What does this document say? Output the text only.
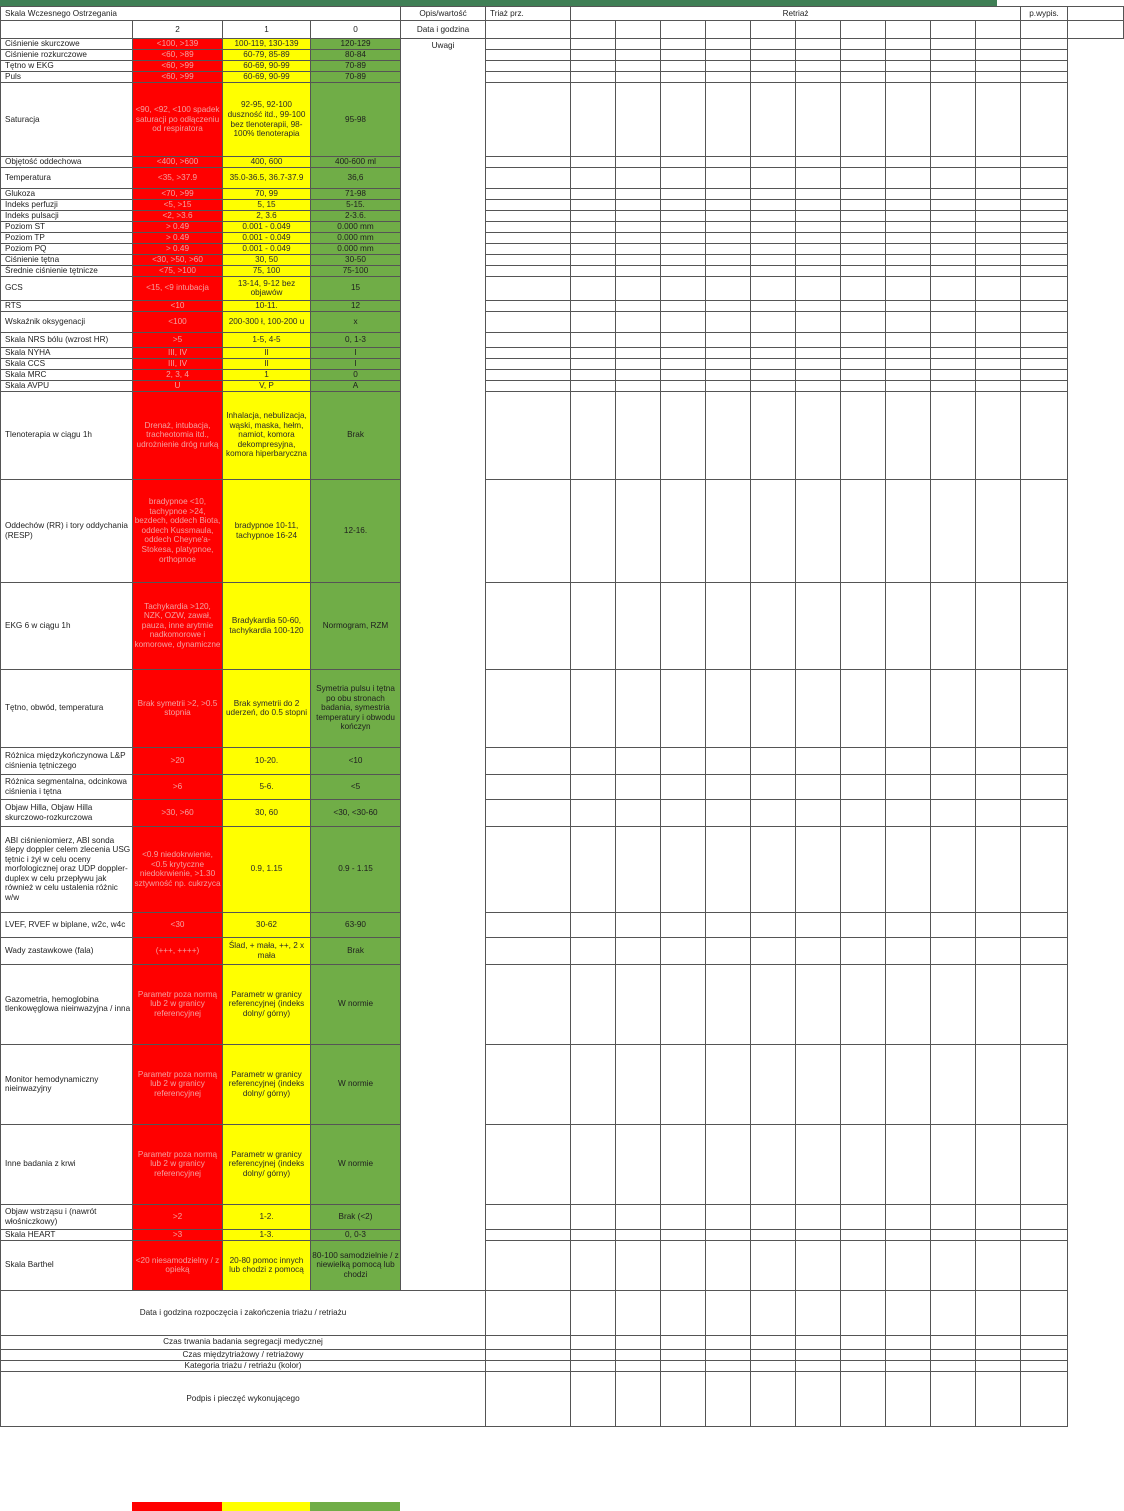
Skala Wczesnego Ostrzegania				Opis/wartość	Triaż prz.	Retriaż										p.wypis.	
	2	1	0	Data i godzina													
Ciśnienie skurczowe	<100, >139	100-119, 130-139	120-129	Uwagi													
Ciśnienie rozkurczowe	<60, >89	60-79, 85-89	80-84														
Tętno w EKG	<60, >99	60-69, 90-99	70-89														
Puls	<60, >99	60-69, 90-99	70-89														
Saturacja	<90, <92, <100 spadek saturacji po odłączeniu od respiratora	92-95, 92-100 duszność itd., 99-100 bez tlenoterapii, 98-100% tlenoterapia	95-98														
Objętość oddechowa	<400, >600	400, 600	400-600 ml														
Temperatura	<35, >37.9	35.0-36.5, 36.7-37.9	36,6														
Glukoza	<70, >99	70, 99	71-98														
Indeks perfuzji	<5, >15	5, 15	5-15.														
Indeks pulsacji	<2, >3.6	2, 3.6	2-3.6.														
Poziom ST	> 0.49	0.001 - 0.049	0.000 mm														
Poziom TP	> 0.49	0.001 - 0.049	0.000 mm														
Poziom PQ	> 0.49	0.001 - 0.049	0.000 mm														
Ciśnienie tętna	<30, >50, >60	30, 50	30-50														
Średnie ciśnienie tętnicze	<75, >100	75, 100	75-100														
GCS	<15, <9 intubacja	13-14, 9-12 bez objawów	15														
RTS	<10	10-11.	12														
Wskaźnik oksygenacji	<100	200-300 ł, 100-200 u	x														
Skala NRS bólu (wzrost HR)	>5	1-5, 4-5	0, 1-3														
Skala NYHA	III, IV	II	I														
Skala CCS	III, IV	II	I														
Skala MRC	2, 3, 4	1	0														
Skala AVPU	U	V, P	A														
Tlenoterapia w ciągu 1h	Drenaż, intubacja, tracheotomia itd., udrożnienie dróg rurką	Inhalacja, nebulizacja, wąski, maska, hełm, namiot, komora dekompresyjna, komora hiperbaryczna	Brak														
Oddechów (RR) i tory oddychania (RESP)	bradypnoe <10, tachypnoe >24, bezdech, oddech Biota, oddech Kussmaula, oddech Cheyne'a-Stokesa, platypnoe, orthopnoe	bradypnoe 10-11, tachypnoe 16-24	12-16.														
EKG 6 w ciągu 1h	Tachykardia >120, NZK, OZW, zawał, pauza, inne arytmie nadkomorowe i komorowe, dynamiczne	Bradykardia 50-60, tachykardia 100-120	Normogram, RZM														
Tętno, obwód, temperatura	Brak symetrii >2, >0.5 stopnia	Brak symetrii do 2 uderzeń, do 0.5 stopni	Symetria pulsu i tętna po obu stronach badania, symestria temperatury i obwodu kończyn														
Różnica międzykończynowa L&P ciśnienia tętniczego	>20	10-20.	<10														
Różnica segmentalna, odcinkowa ciśnienia i tętna	>6	5-6.	<5														
Objaw Hilla, Objaw Hilla skurczowo-rozkurczowa	>30, >60	30, 60	<30, <30-60														
ABI ciśnieniomierz, ABI sonda ślepy doppler celem zlecenia USG tętnic i żył w celu oceny morfologicznej oraz UDP doppler-duplex w celu przepływu jak również w celu ustalenia różnic w/w	<0.9 niedokrwienie, <0.5 krytyczne niedokrwienie, >1.30 sztywność np. cukrzyca	0.9, 1.15	0.9 - 1.15														
LVEF, RVEF w biplane, w2c, w4c	<30	30-62	63-90														
Wady zastawkowe (fala)	(+++, ++++)	Ślad, + mała, ++, 2 x mała	Brak														
Gazometria, hemoglobina tlenkowęglowa nieinwazyjna / inna	Parametr poza normą lub 2 w granicy referencyjnej	Parametr w granicy referencyjnej (indeks dolny/ górny)	W normie														
Monitor hemodynamiczny nieinwazyjny	Parametr poza normą lub 2 w granicy referencyjnej	Parametr w granicy referencyjnej (indeks dolny/ górny)	W normie														
Inne badania z krwi	Parametr poza normą lub 2 w granicy referencyjnej	Parametr w granicy referencyjnej (indeks dolny/ górny)	W normie														
Objaw wstrząsu i (nawrót włośniczkowy)	>2	1-2.	Brak (<2)														
Skala HEART	>3	1-3.	0, 0-3														
Skala Barthel	<20 niesamodzielny / z opieką	20-80 pomoc innych lub chodzi z pomocą	80-100 samodzielnie / z niewielką pomocą lub chodzi														
Data i godzina rozpoczęcia i zakończenia triażu / retriażu																	
Czas trwania badania segregacji medycznej																	
Czas międzytriażowy / retriażowy																	
Kategoria triażu / retriażu (kolor)																	
Podpis i pieczęć wykonującego																	
